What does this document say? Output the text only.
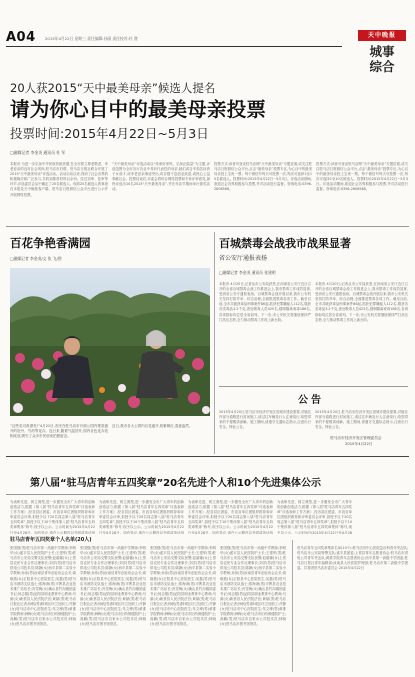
A04 2015年4月22日 星期三 责任编辑:孙丽 责任校对:杜 澄	天中晚报
城事
综合
20人获2015“天中最美母亲”候选人提名
请为你心目中的最美母亲投票
投票时间:2015年4月22日~5月3日
□融媒记者 李金炎 通讯员 杜 军
本报讯 为进一步弘扬中华民族传统美德,在全市树立尊老敬老、孝老爱亲的良好社会风尚,驻马店市妇联、驻马店日报社联合开展了2015“天中最美母亲”评选活动。活动启动以来,得到了社会各界的积极响应和广泛参与,共收到推荐材料百余份。经过初审、复审等环节,评选委员会从中确定了20名候选人。现将20名候选人的事迹在本报及天中晚报客户端、驻马店日报微信公众平台进行公示并开展网络投票。
“天中最美母亲”评选活动以“传承好家风、弘扬正能量”为主题,评选范围为全市各行各业中具有代表性的母亲,她们或含辛茹苦抚育子女成才,或孝老爱亲事迹突出,或自强不息创业致富,或热心公益奉献社会。投票结束后,评委会将综合网络投票和专家评审意见,最终评选出10名2015“天中最美母亲”,并在母亲节期间举行颁奖活动。
投票方式:读者可登录驻马店网“天中最美母亲”专题页面,或关注驻马店日报微信公众平台,点击“最美母亲”投票专区,为心目中的最美母亲投上宝贵一票。每个微信号每天可投票一次,每次可选择1至10名候选人。投票时间:2015年4月22日~5月3日。评选活动期间,欢迎社会各界积极参与投票,并对活动进行监督。咨询电话:0396-2608588。
投票方式:读者可登录驻马店网“天中最美母亲”专题页面,或关注驻马店日报微信公众平台,点击“最美母亲”投票专区,为心目中的最美母亲投上宝贵一票。每个微信号每天可投票一次,每次可选择1至10名候选人。投票时间:2015年4月22日~5月3日。评选活动期间,欢迎社会各界积极参与投票,并对活动进行监督。咨询电话:0396-2608588。
百花争艳香满园
□融媒记者 李金炎/文 张 飞/图
“这些花可真漂亮!”4月21日,市民在驻马店市开源公园内观赏盛开的牡丹、芍药等花卉。连日来,随着气温回升,园内各色花卉竞相绽放,吸引了众多市民前来拍照留念。
近日,我市各大公园内百花盛开,姹紫嫣红,春意盎然。
百城禁毒会战我市战果显著
省公安厅通报表扬
□融媒记者 李金炎 通讯员 张建明
本报讯 4月20日,记者从市公安局获悉,在河南省公安厅近日召开的全省百城禁毒会战工作推进会上,我市禁毒工作成效显著,受到省公安厅通报表扬。百城禁毒会战开展以来,我市公安机关坚持打防并举、综合治理,全面推进禁毒各项工作。截至目前,全市共破获毒品刑事案件86起,抓获犯罪嫌疑人112名,缴获各类毒品3.2千克,查处吸毒人员425名,强制隔离戒毒186名,各项指标均位居全省前列。下一步,市公安机关将继续保持严打高压态势,全力推动禁毒工作再上新台阶。
本报讯 4月20日,记者从市公安局获悉,在河南省公安厅近日召开的全省百城禁毒会战工作推进会上,我市禁毒工作成效显著,受到省公安厅通报表扬。百城禁毒会战开展以来,我市公安机关坚持打防并举、综合治理,全面推进禁毒各项工作。截至目前,全市共破获毒品刑事案件86起,抓获犯罪嫌疑人112名,缴获各类毒品3.2千克,查处吸毒人员425名,强制隔离戒毒186名,各项指标均位居全省前列。下一步,市公安机关将继续保持严打高压态势,全力推动禁毒工作再上新台阶。
公告
2015年4月20日,驻马店市经济开发区因城市建设需要,对辖区内部分道路进行封闭施工,请过往车辆及行人注意绕行,给您带来的不便敬请谅解。施工期间,请遵守交通标志指示,注意出行安全。特此公告。
2015年4月20日,驻马店市经济开发区因城市建设需要,对辖区内部分道路进行封闭施工,请过往车辆及行人注意绕行,给您带来的不便敬请谅解。施工期间,请遵守交通标志指示,注意出行安全。特此公告。
驻马店市经济开发区管理委员会
2015年4月22日
第八届“驻马店青年五四奖章”20名先进个人和10个先进集体公示
为表彰先进、树立典型,进一步激发全市广大青年的创新创造活力,根据《第八届“驻马店青年五四奖章”评选表彰工作方案》,经各县区团委、市直各单位团组织推荐和评审委员会评审,拟授予以下20名同志第八届“驻马店青年五四奖章”,拟授予以下10个集体第八届“驻马店青年五四奖章集体”称号,现予以公示。公示时间为2015年4月22日至4月28日。如有异议,请在公示期内以书面或电话形
为表彰先进、树立典型,进一步激发全市广大青年的创新创造活力,根据《第八届“驻马店青年五四奖章”评选表彰工作方案》,经各县区团委、市直各单位团组织推荐和评审委员会评审,拟授予以下20名同志第八届“驻马店青年五四奖章”,拟授予以下10个集体第八届“驻马店青年五四奖章集体”称号,现予以公示。公示时间为2015年4月22日至4月28日。如有异议,请在公示期内以书面或电话形
为表彰先进、树立典型,进一步激发全市广大青年的创新创造活力,根据《第八届“驻马店青年五四奖章”评选表彰工作方案》,经各县区团委、市直各单位团组织推荐和评审委员会评审,拟授予以下20名同志第八届“驻马店青年五四奖章”,拟授予以下10个集体第八届“驻马店青年五四奖章集体”称号,现予以公示。公示时间为2015年4月22日至4月28日。如有异议,请在公示期内以书面或电话形
为表彰先进、树立典型,进一步激发全市广大青年的创新创造活力,根据《第八届“驻马店青年五四奖章”评选表彰工作方案》,经各县区团委、市直各单位团组织推荐和评审委员会评审,拟授予以下20名同志第八届“驻马店青年五四奖章”,拟授予以下10个集体第八届“驻马店青年五四奖章集体”称号,现予以公示。公示时间为2015年4月22日至4月28
驻马店青年五四奖章个人名单(20人)
张国强(男)驻马店市第一高级中学教师;李明华(女)遂平县人民医院护士长;王建军(男)驻马店市公安局交警支队民警;赵丽娜(女)上蔡县农民专业合作社理事长;刘洋(男)驻马店市供电公司技术员;陈静(女)西平县第二实验小学教师;孙伟(男)汝南县青年创业协会会长;周晓燕(女)正阳县中心医院医生;吴磊(男)驻马店市消防支队战士;郑海涛(男)平舆县农业技术推广站站长;冯雪梅(女)确山县竹沟镇团委书记;何志强(男)泌阳县职业教育中心教师;马丽(女)新蔡县人民法院法官;黄斌(男)驻马店日报社记者;杨帆(男)驿城区环卫处职工;许静(女)驻马店市中心医院医生;朱文博(男)黄淮学院教师;韩梅(女)驻马店市妇幼保健院护士;高鹏(男)驻马店市自来水公司技术员;林晓(女)驻马店市图书馆馆员。
张国强(男)驻马店市第一高级中学教师;李明华(女)遂平县人民医院护士长;王建军(男)驻马店市公安局交警支队民警;赵丽娜(女)上蔡县农民专业合作社理事长;刘洋(男)驻马店市供电公司技术员;陈静(女)西平县第二实验小学教师;孙伟(男)汝南县青年创业协会会长;周晓燕(女)正阳县中心医院医生;吴磊(男)驻马店市消防支队战士;郑海涛(男)平舆县农业技术推广站站长;冯雪梅(女)确山县竹沟镇团委书记;何志强(男)泌阳县职业教育中心教师;马丽(女)新蔡县人民法院法官;黄斌(男)驻马店日报社记者;杨帆(男)驿城区环卫处职工;许静(女)驻马店市中心医院医生;朱文博(男)黄淮学院教师;韩梅(女)驻马店市妇幼保健院护士;高鹏(男)驻马店市自来水公司技术员;林晓(女)驻马店市图书馆馆员。
张国强(男)驻马店市第一高级中学教师;李明华(女)遂平县人民医院护士长;王建军(男)驻马店市公安局交警支队民警;赵丽娜(女)上蔡县农民专业合作社理事长;刘洋(男)驻马店市供电公司技术员;陈静(女)西平县第二实验小学教师;孙伟(男)汝南县青年创业协会会长;周晓燕(女)正阳县中心医院医生;吴磊(男)驻马店市消防支队战士;郑海涛(男)平舆县农业技术推广站站长;冯雪梅(女)确山县竹沟镇团委书记;何志强(男)泌阳县职业教育中心教师;马丽(女)新蔡县人民法院法官;黄斌(男)驻马店日报社记者;杨帆(男)驿城区环卫处职工;许静(女)驻马店市中心医院医生;朱文博(男)黄淮学院教师;韩梅(女)驻马店市妇幼保健院护士;高鹏(男)驻马店市自来水公司技术员;林晓(女)驻马店市图书馆馆员。
张国强(男)驻马店市第一高级中学教师;李明华(女)遂平县人民医院护士长;王建军(男)驻马店市公安局交警支队民警;赵丽娜(女)上蔡县农民专业合作社理事长;刘洋(男)驻马店市供电公司技术员;陈静(女)西平县第二实验小学教师;孙伟(男)汝南县青年创业协会会长;周晓燕(女)正阳县中心医院医生;吴磊(男)驻马店市消防支队战士;郑海涛(男)平舆县农业技术推广站站长;冯雪梅(女)确山县竹沟镇团委书记;何志强(男)泌阳县职业教育中心教师;马丽(女)新蔡县人民法院法官;黄斌(男)驻马店日报社记者;杨帆(男)驿城区环卫处职工;许静(女)驻马店市中心医院医生;朱文博(男)黄淮学院教师;韩梅(女)驻马店市妇幼保健院护士;高鹏(男)驻马店市自来水公司技术员;林晓(女)驻马店市图书馆馆员。
驻马店青年五四奖章集体名单(10个):驻马店市中心医院急诊科青年突击队;驻马店市公安局特警支队;遂平县团委;上蔡县青年志愿者协会;驻马店市供电公司青年突击队;黄淮学院青年志愿者协会;西平县第一高级中学团委;驻马店日报社青年编辑部;汝南县人民医院护理部;驻马店市第二高级中学团委。共青团驻马店市委员会 2015年4月22日
